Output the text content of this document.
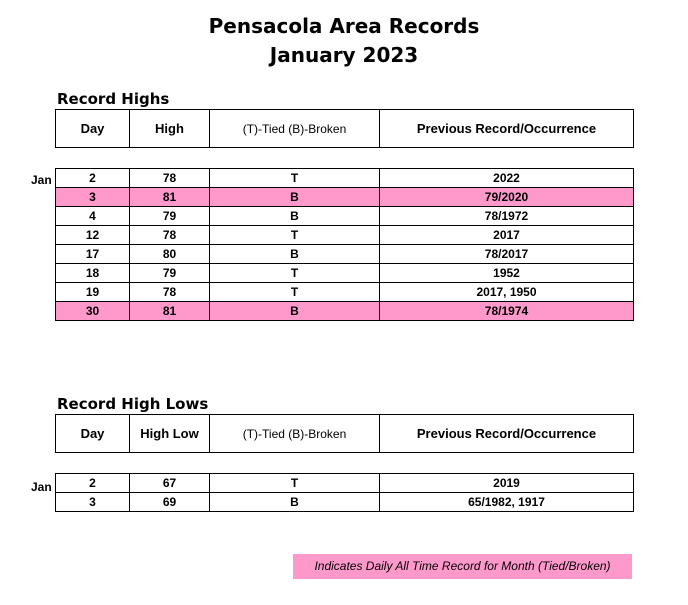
Pensacola Area Records
January 2023
Record Highs
Day	High	(T)-Tied (B)-Broken	Previous Record/Occurrence
Jan	2	78	T	2022
3	81	B	79/2020
4	79	B	78/1972
12	78	T	2017
17	80	B	78/2017
18	79	T	1952
19	78	T	2017, 1950
30	81	B	78/1974
Record High Lows
Day	High Low	(T)-Tied (B)-Broken	Previous Record/Occurrence
Jan	2	67	T	2019
3	69	B	65/1982, 1917
Indicates Daily All Time Record for Month (Tied/Broken)
